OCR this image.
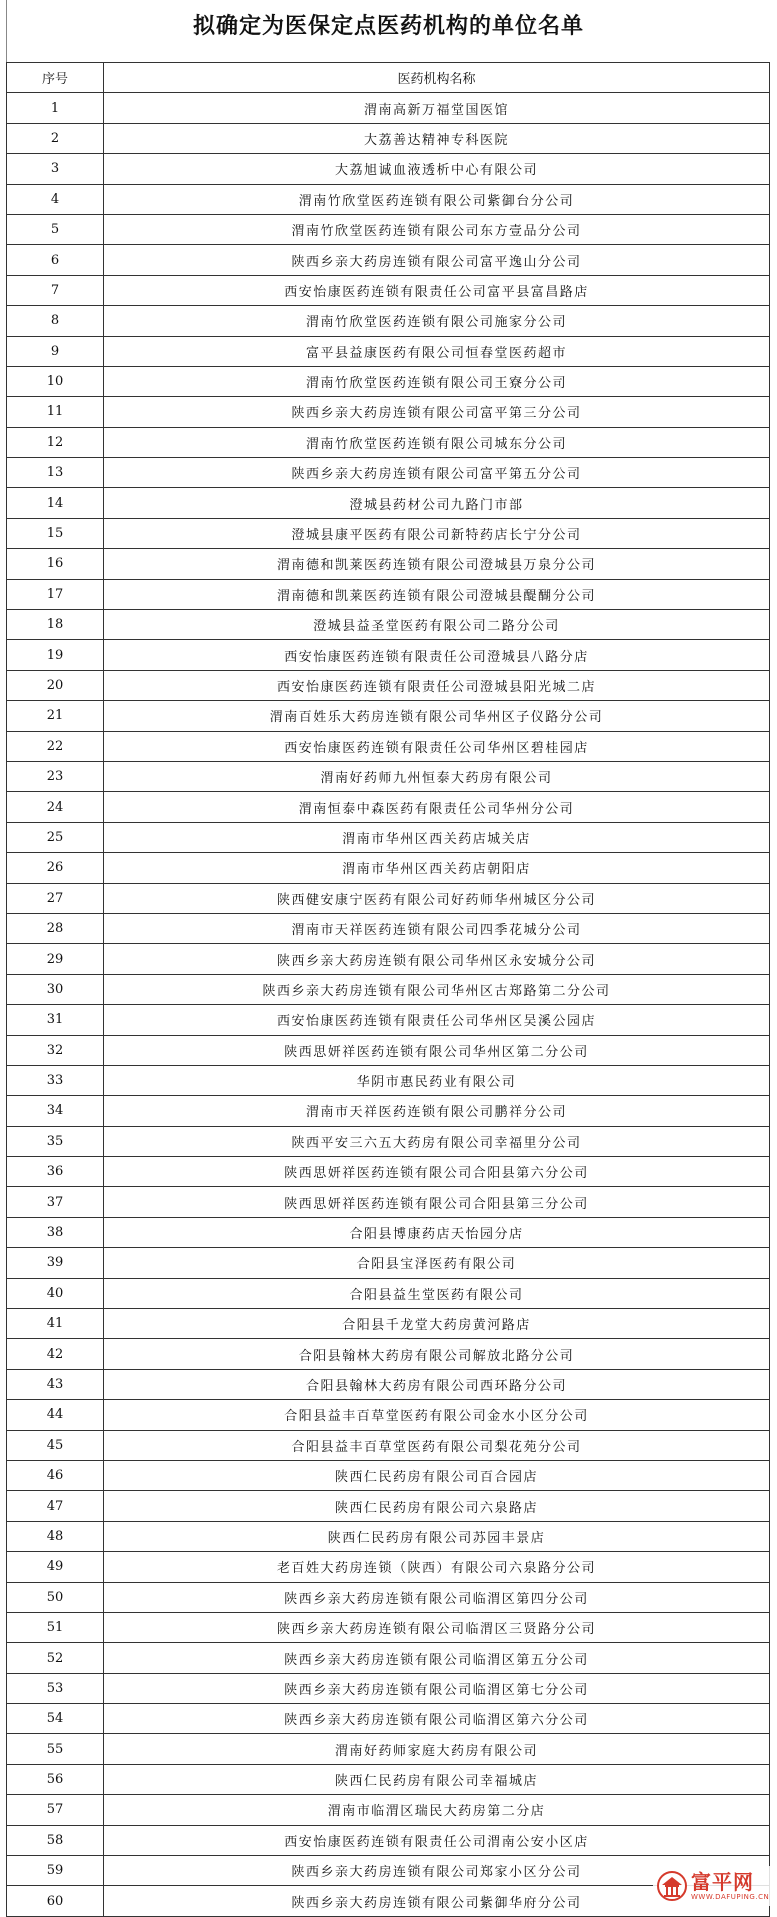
拟确定为医保定点医药机构的单位名单
序号	医药机构名称
1	渭南高新万福堂国医馆
2	大荔善达精神专科医院
3	大荔旭诚血液透析中心有限公司
4	渭南竹欣堂医药连锁有限公司紫御台分公司
5	渭南竹欣堂医药连锁有限公司东方壹品分公司
6	陕西乡亲大药房连锁有限公司富平逸山分公司
7	西安怡康医药连锁有限责任公司富平县富昌路店
8	渭南竹欣堂医药连锁有限公司施家分公司
9	富平县益康医药有限公司恒春堂医药超市
10	渭南竹欣堂医药连锁有限公司王寮分公司
11	陕西乡亲大药房连锁有限公司富平第三分公司
12	渭南竹欣堂医药连锁有限公司城东分公司
13	陕西乡亲大药房连锁有限公司富平第五分公司
14	澄城县药材公司九路门市部
15	澄城县康平医药有限公司新特药店长宁分公司
16	渭南德和凯莱医药连锁有限公司澄城县万泉分公司
17	渭南德和凯莱医药连锁有限公司澄城县醍醐分公司
18	澄城县益圣堂医药有限公司二路分公司
19	西安怡康医药连锁有限责任公司澄城县八路分店
20	西安怡康医药连锁有限责任公司澄城县阳光城二店
21	渭南百姓乐大药房连锁有限公司华州区子仪路分公司
22	西安怡康医药连锁有限责任公司华州区碧桂园店
23	渭南好药师九州恒泰大药房有限公司
24	渭南恒泰中森医药有限责任公司华州分公司
25	渭南市华州区西关药店城关店
26	渭南市华州区西关药店朝阳店
27	陕西健安康宁医药有限公司好药师华州城区分公司
28	渭南市天祥医药连锁有限公司四季花城分公司
29	陕西乡亲大药房连锁有限公司华州区永安城分公司
30	陕西乡亲大药房连锁有限公司华州区古郑路第二分公司
31	西安怡康医药连锁有限责任公司华州区吴溪公园店
32	陕西思妍祥医药连锁有限公司华州区第二分公司
33	华阴市惠民药业有限公司
34	渭南市天祥医药连锁有限公司鹏祥分公司
35	陕西平安三六五大药房有限公司幸福里分公司
36	陕西思妍祥医药连锁有限公司合阳县第六分公司
37	陕西思妍祥医药连锁有限公司合阳县第三分公司
38	合阳县博康药店天怡园分店
39	合阳县宝泽医药有限公司
40	合阳县益生堂医药有限公司
41	合阳县千龙堂大药房黄河路店
42	合阳县翰林大药房有限公司解放北路分公司
43	合阳县翰林大药房有限公司西环路分公司
44	合阳县益丰百草堂医药有限公司金水小区分公司
45	合阳县益丰百草堂医药有限公司梨花苑分公司
46	陕西仁民药房有限公司百合园店
47	陕西仁民药房有限公司六泉路店
48	陕西仁民药房有限公司苏园丰景店
49	老百姓大药房连锁（陕西）有限公司六泉路分公司
50	陕西乡亲大药房连锁有限公司临渭区第四分公司
51	陕西乡亲大药房连锁有限公司临渭区三贤路分公司
52	陕西乡亲大药房连锁有限公司临渭区第五分公司
53	陕西乡亲大药房连锁有限公司临渭区第七分公司
54	陕西乡亲大药房连锁有限公司临渭区第六分公司
55	渭南好药师家庭大药房有限公司
56	陕西仁民药房有限公司幸福城店
57	渭南市临渭区瑞民大药房第二分店
58	西安怡康医药连锁有限责任公司渭南公安小区店
59	陕西乡亲大药房连锁有限公司郑家小区分公司
60	陕西乡亲大药房连锁有限公司紫御华府分公司
富平网
WWW.DAFUPING.CN
